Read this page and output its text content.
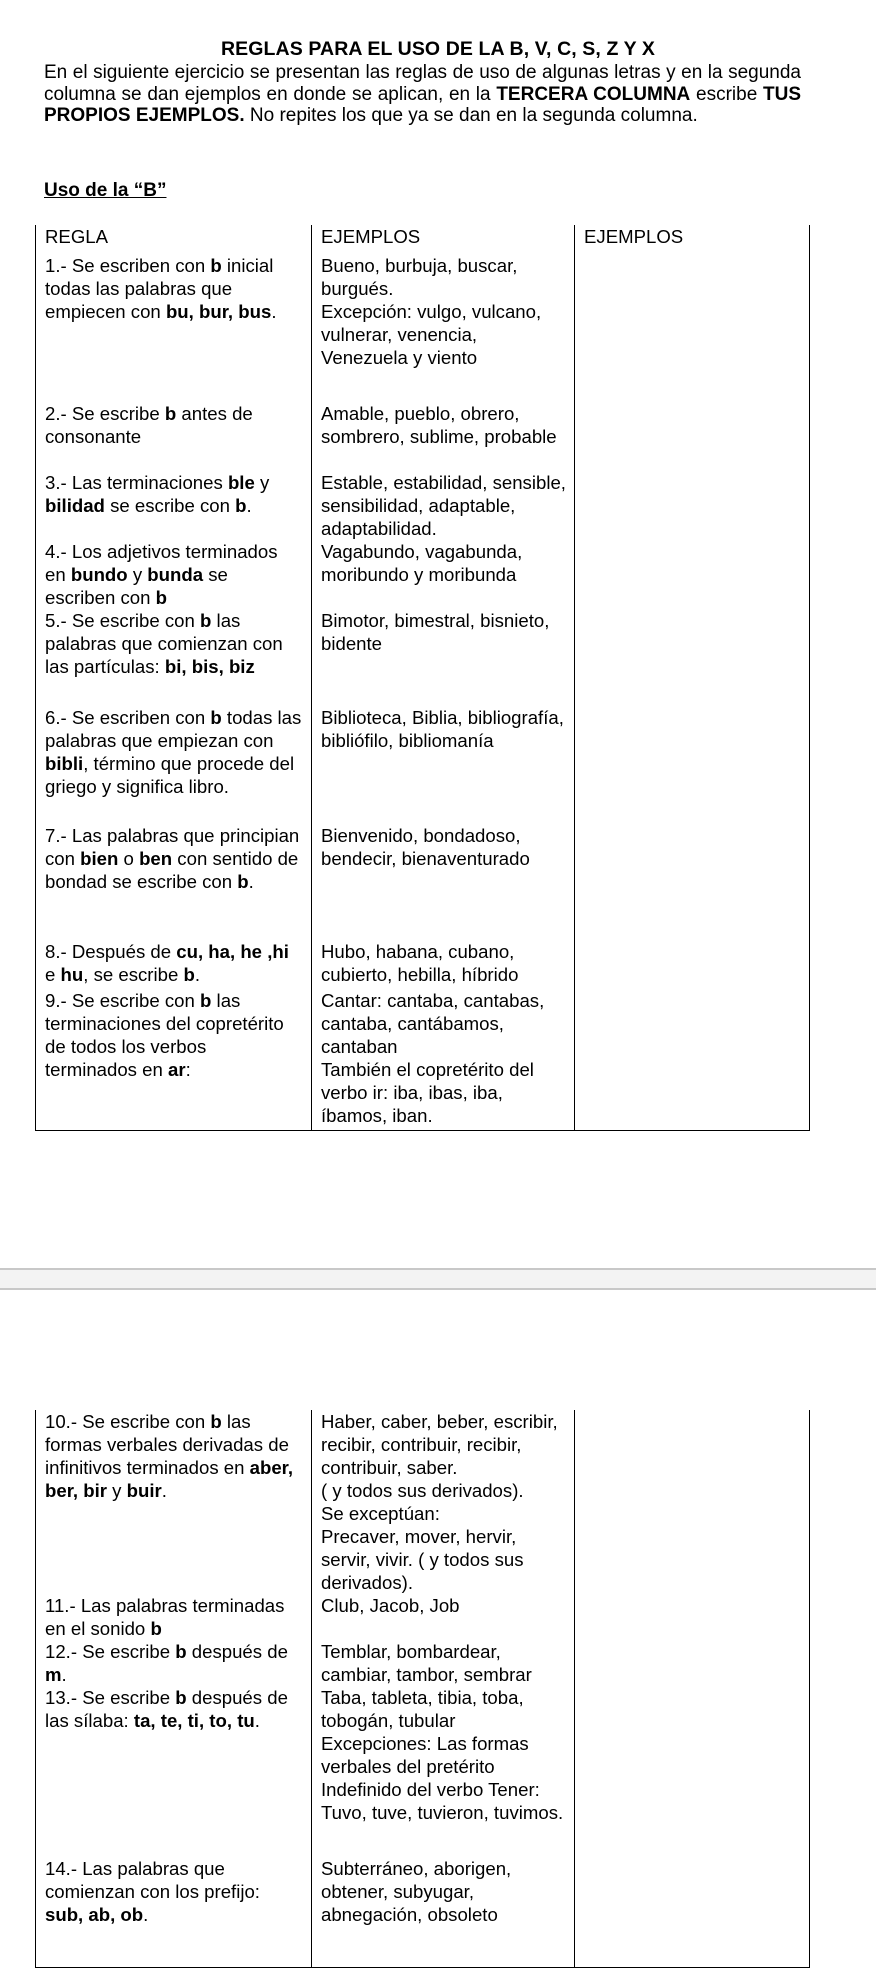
REGLAS PARA EL USO DE LA B, V, C, S, Z Y X
En el siguiente ejercicio se presentan las reglas de uso de algunas letras y en la segunda columna se dan ejemplos en donde se aplican, en la TERCERA COLUMNA escribe TUS PROPIOS EJEMPLOS. No repites los que ya se dan en la segunda columna.
Uso de la “B”
REGLA	EJEMPLOS	EJEMPLOS
1.- Se escriben con b inicial todas las palabras que empiecen con bu, bur, bus.	Bueno, burbuja, buscar, burgués.
Excepción: vulgo, vulcano, vulnerar, venencia, Venezuela y viento	
2.- Se escribe b antes de consonante	Amable, pueblo, obrero, sombrero, sublime, probable	
3.- Las terminaciones ble y bilidad se escribe con b.	Estable, estabilidad, sensible, sensibilidad, adaptable, adaptabilidad.	
4.- Los adjetivos terminados en bundo y bunda se escriben con b	Vagabundo, vagabunda, moribundo y moribunda	
5.- Se escribe con b las palabras que comienzan con las partículas: bi, bis, biz	Bimotor, bimestral, bisnieto, bidente	
6.- Se escriben con b todas las palabras que empiezan con bibli, término que procede del griego y significa libro.	Biblioteca, Biblia, bibliografía, bibliófilo, bibliomanía	
7.- Las palabras que principian con bien o ben con sentido de bondad se escribe con b.	Bienvenido, bondadoso, bendecir, bienaventurado	
8.- Después de cu, ha, he ,hi e hu, se escribe b.	Hubo, habana, cubano, cubierto, hebilla, híbrido	
9.- Se escribe con b las terminaciones del copretérito de todos los verbos terminados en ar:	Cantar: cantaba, cantabas, cantaba, cantábamos, cantaban
También el copretérito del verbo ir: iba, ibas, iba, íbamos, iban.	
10.- Se escribe con b las formas verbales derivadas de infinitivos terminados en aber, ber, bir y buir.	Haber, caber, beber, escribir, recibir, contribuir, recibir, contribuir, saber.
( y todos sus derivados).
Se exceptúan:
Precaver, mover, hervir, servir, vivir. ( y todos sus derivados).	
11.- Las palabras terminadas en el sonido b	Club, Jacob, Job	
12.- Se escribe b después de m.	Temblar, bombardear, cambiar, tambor, sembrar	
13.- Se escribe b después de las sílaba: ta, te, ti, to, tu.	Taba, tableta, tibia, toba, tobogán, tubular
Excepciones: Las formas verbales del pretérito Indefinido del verbo Tener: Tuvo, tuve, tuvieron, tuvimos.	
14.- Las palabras que comienzan con los prefijo: sub, ab, ob.	Subterráneo, aborigen, obtener, subyugar, abnegación, obsoleto	
